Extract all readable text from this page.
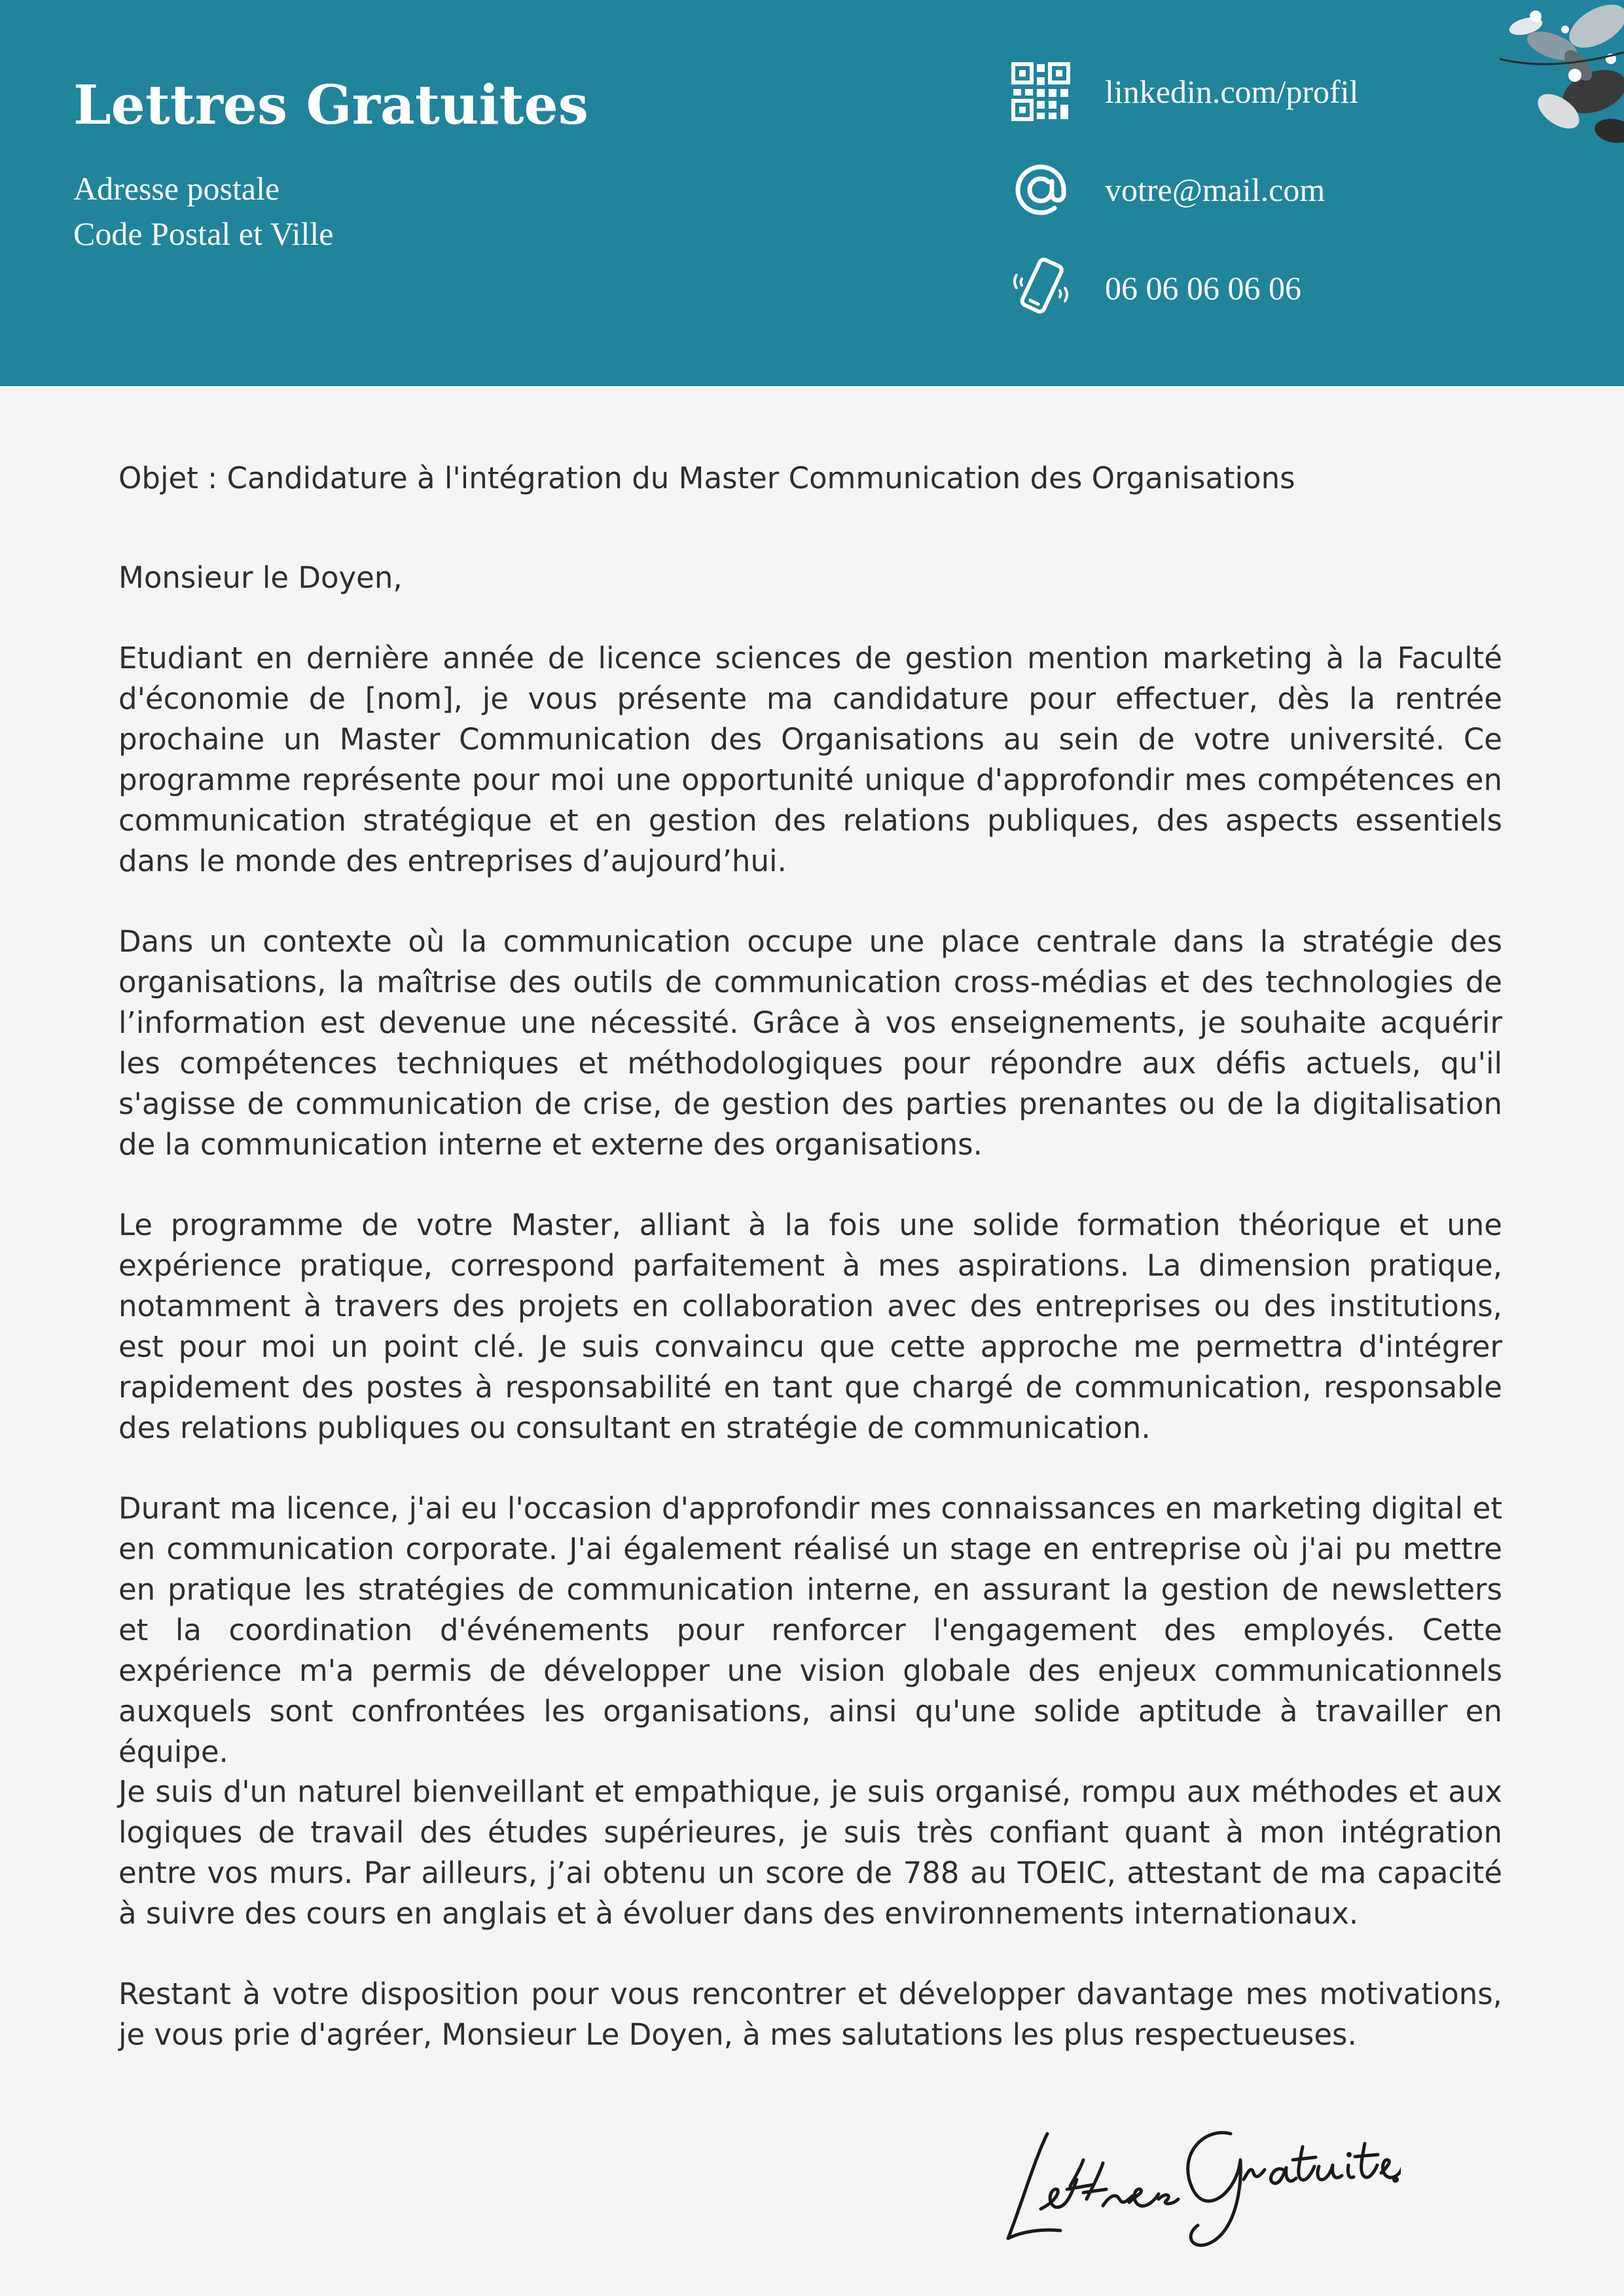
Lettres Gratuites
Adresse postale
Code Postal et Ville
linkedin.com/profil
votre@mail.com
06 06 06 06 06

Objet : Candidature à l'intégration du Master Communication des Organisations

Monsieur le Doyen,

Etudiant en dernière année de licence sciences de gestion mention marketing à la Faculté d'économie de [nom], je vous présente ma candidature pour effectuer, dès la rentrée prochaine un Master Communication des Organisations au sein de votre université. Ce programme représente pour moi une opportunité unique d'approfondir mes compétences en communication stratégique et en gestion des relations publiques, des aspects essentiels dans le monde des entreprises d’aujourd’hui.

Dans un contexte où la communication occupe une place centrale dans la stratégie des organisations, la maîtrise des outils de communication cross-médias et des technologies de l’information est devenue une nécessité. Grâce à vos enseignements, je souhaite acquérir les compétences techniques et méthodologiques pour répondre aux défis actuels, qu'il s'agisse de communication de crise, de gestion des parties prenantes ou de la digitalisation de la communication interne et externe des organisations.

Le programme de votre Master, alliant à la fois une solide formation théorique et une expérience pratique, correspond parfaitement à mes aspirations. La dimension pratique, notamment à travers des projets en collaboration avec des entreprises ou des institutions, est pour moi un point clé. Je suis convaincu que cette approche me permettra d'intégrer rapidement des postes à responsabilité en tant que chargé de communication, responsable des relations publiques ou consultant en stratégie de communication.

Durant ma licence, j'ai eu l'occasion d'approfondir mes connaissances en marketing digital et en communication corporate. J'ai également réalisé un stage en entreprise où j'ai pu mettre en pratique les stratégies de communication interne, en assurant la gestion de newsletters et la coordination d'événements pour renforcer l'engagement des employés. Cette expérience m'a permis de développer une vision globale des enjeux communicationnels auxquels sont confrontées les organisations, ainsi qu'une solide aptitude à travailler en équipe.

Je suis d'un naturel bienveillant et empathique, je suis organisé, rompu aux méthodes et aux logiques de travail des études supérieures, je suis très confiant quant à mon intégration entre vos murs. Par ailleurs, j’ai obtenu un score de 788 au TOEIC, attestant de ma capacité à suivre des cours en anglais et à évoluer dans des environnements internationaux.

Restant à votre disposition pour vous rencontrer et développer davantage mes motivations, je vous prie d'agréer, Monsieur Le Doyen, à mes salutations les plus respectueuses.
